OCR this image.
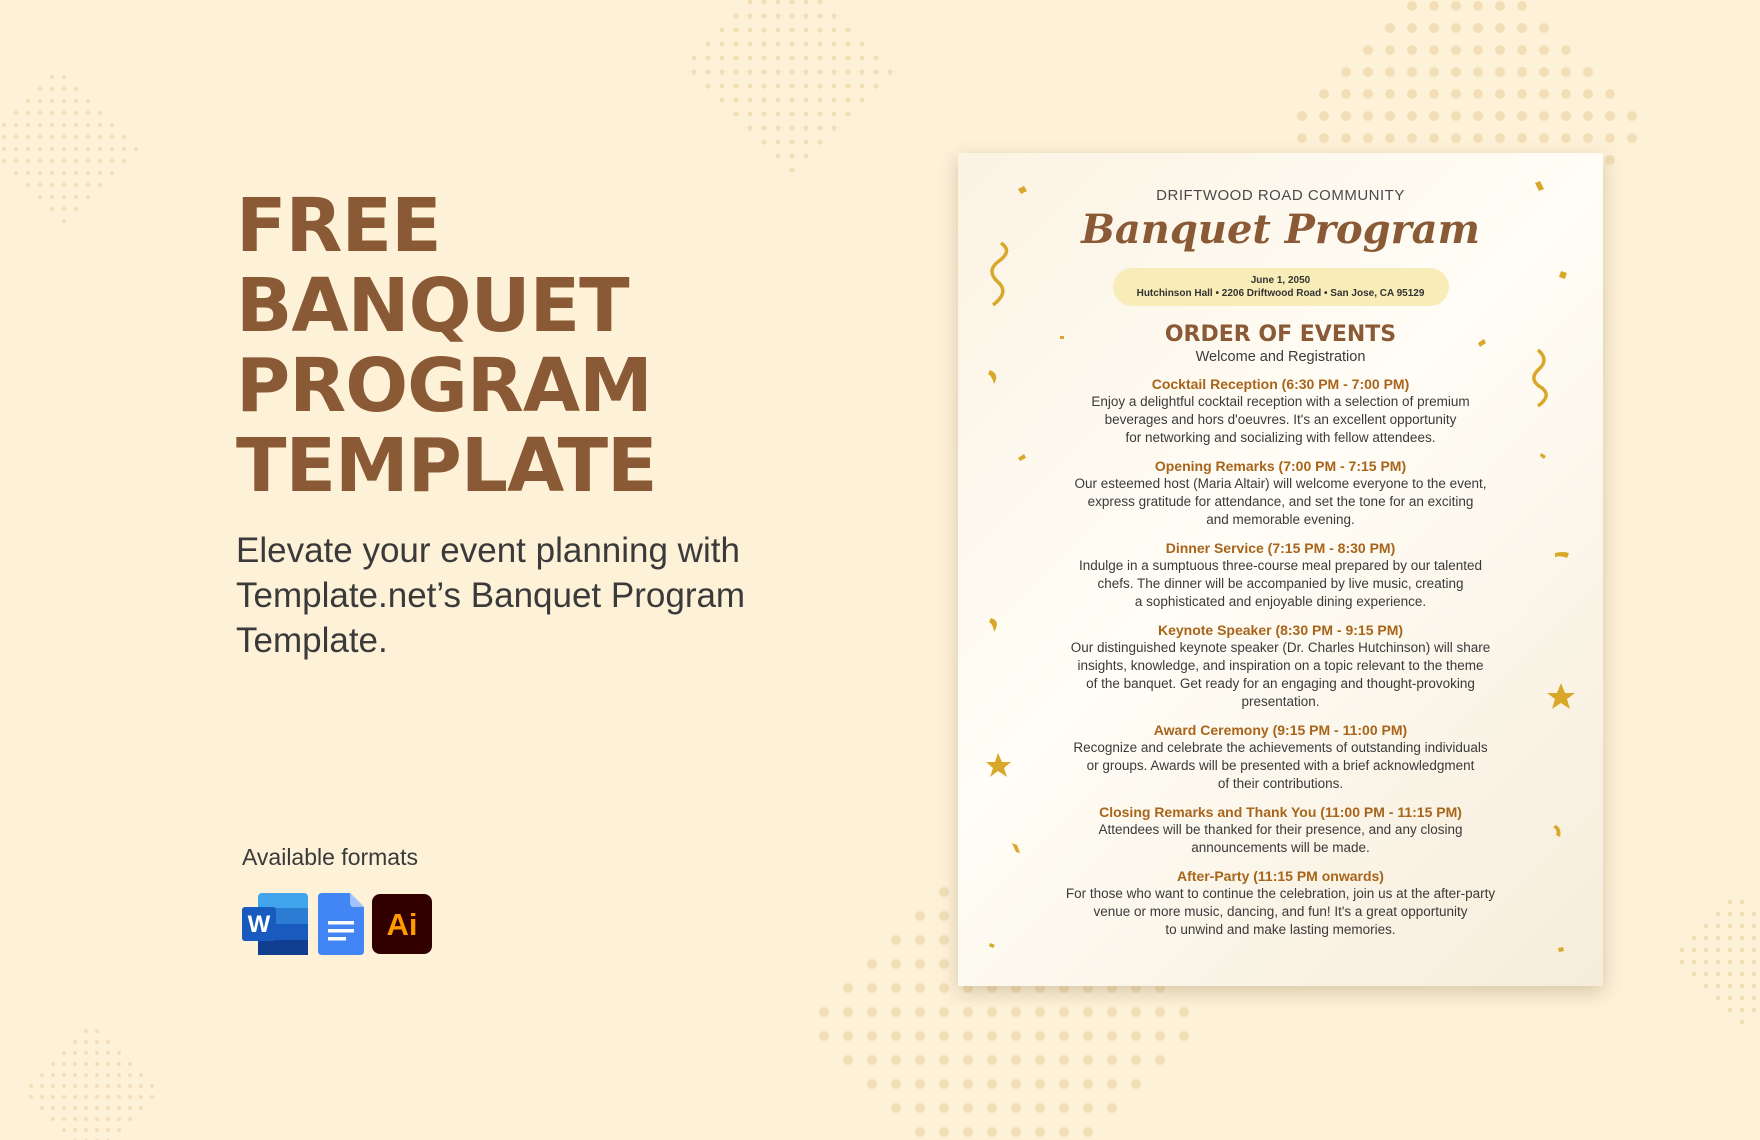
FREE BANQUET
PROGRAM
TEMPLATE

Elevate your event planning with
Template.net’s Banquet Program
Template.

Available formats
W	Ai
DRIFTWOOD ROAD COMMUNITY
Banquet Program
June 1, 2050
Hutchinson Hall • 2206 Driftwood Road • San Jose, CA 95129
ORDER OF EVENTS
Welcome and Registration
Cocktail Reception (6:30 PM - 7:00 PM)
Enjoy a delightful cocktail reception with a selection of premium
beverages and hors d'oeuvres. It's an excellent opportunity
for networking and socializing with fellow attendees.
Opening Remarks (7:00 PM - 7:15 PM)
Our esteemed host (Maria Altair) will welcome everyone to the event,
express gratitude for attendance, and set the tone for an exciting
and memorable evening.
Dinner Service (7:15 PM - 8:30 PM)
Indulge in a sumptuous three-course meal prepared by our talented
chefs. The dinner will be accompanied by live music, creating
a sophisticated and enjoyable dining experience.
Keynote Speaker (8:30 PM - 9:15 PM)
Our distinguished keynote speaker (Dr. Charles Hutchinson) will share
insights, knowledge, and inspiration on a topic relevant to the theme
of the banquet. Get ready for an engaging and thought-provoking
presentation.
Award Ceremony (9:15 PM - 11:00 PM)
Recognize and celebrate the achievements of outstanding individuals
or groups. Awards will be presented with a brief acknowledgment
of their contributions.
Closing Remarks and Thank You (11:00 PM - 11:15 PM)
Attendees will be thanked for their presence, and any closing
announcements will be made.
After-Party (11:15 PM onwards)
For those who want to continue the celebration, join us at the after-party
venue or more music, dancing, and fun! It's a great opportunity
to unwind and make lasting memories.
